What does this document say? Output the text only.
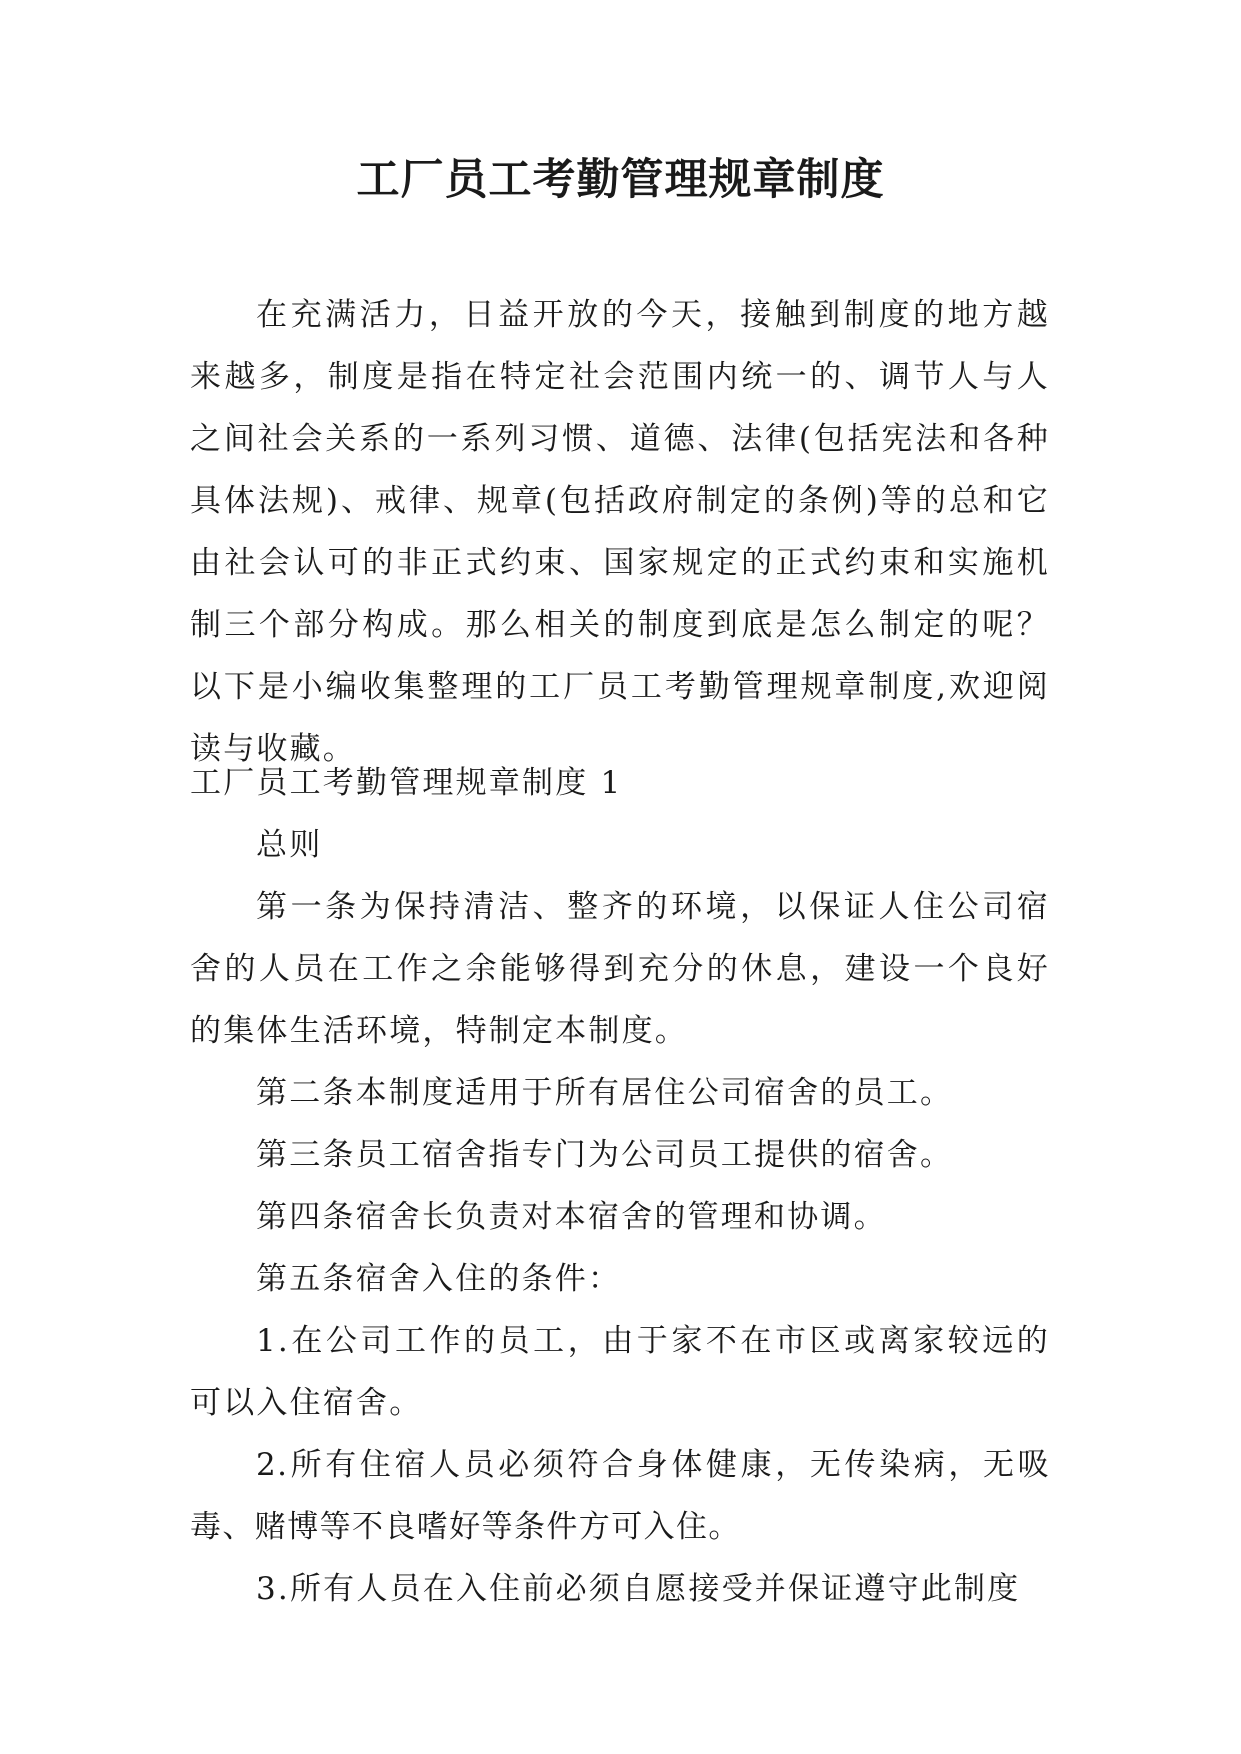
工厂员工考勤管理规章制度

在充满活力，日益开放的今天，接触到制度的地方越来越多，制度是指在特定社会范围内统一的、调节人与人之间社会关系的一系列习惯、道德、法律(包括宪法和各种具体法规)、戒律、规章(包括政府制定的条例)等的总和它由社会认可的非正式约束、国家规定的正式约束和实施机制三个部分构成。那么相关的制度到底是怎么制定的呢？以下是小编收集整理的工厂员工考勤管理规章制度,欢迎阅读与收藏。

工厂员工考勤管理规章制度 1

总则

第一条为保持清洁、整齐的环境，以保证人住公司宿舍的人员在工作之余能够得到充分的休息，建设一个良好的集体生活环境，特制定本制度。

第二条本制度适用于所有居住公司宿舍的员工。

第三条员工宿舍指专门为公司员工提供的宿舍。

第四条宿舍长负责对本宿舍的管理和协调。

第五条宿舍入住的条件：

1.在公司工作的员工，由于家不在市区或离家较远的可以入住宿舍。

2.所有住宿人员必须符合身体健康，无传染病，无吸毒、赌博等不良嗜好等条件方可入住。

3.所有人员在入住前必须自愿接受并保证遵守此制度
